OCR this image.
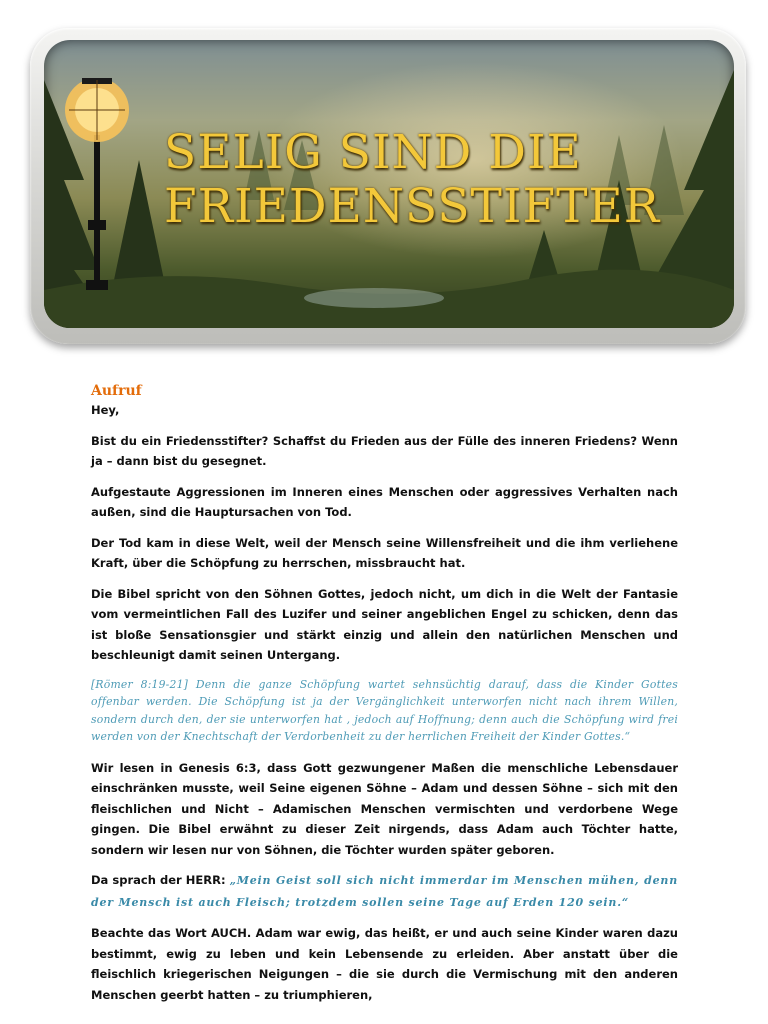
SELIG SIND DIE
FRIEDENSSTIFTER
Aufruf

Hey,

Bist du ein Friedensstifter? Schaffst du Frieden aus der Fülle des inneren Friedens? Wenn ja – dann bist du gesegnet.

Aufgestaute Aggressionen im Inneren eines Menschen oder aggressives Verhalten nach außen, sind die Hauptursachen von Tod.

Der Tod kam in diese Welt, weil der Mensch seine Willensfreiheit und die ihm verliehene Kraft, über die Schöpfung zu herrschen, missbraucht hat.

Die Bibel spricht von den Söhnen Gottes, jedoch nicht, um dich in die Welt der Fantasie vom vermeintlichen Fall des Luzifer und seiner angeblichen Engel zu schicken, denn das ist bloße Sensationsgier und stärkt einzig und allein den natürlichen Menschen und beschleunigt damit seinen Untergang.

[Römer 8:19-21] Denn die ganze Schöpfung wartet sehnsüchtig darauf, dass die Kinder Gottes offenbar werden. Die Schöpfung ist ja der Vergänglichkeit unterworfen nicht nach ihrem Willen, sondern durch den, der sie unterworfen hat , jedoch auf Hoffnung; denn auch die Schöpfung wird frei werden von der Knechtschaft der Verdorbenheit zu der herrlichen Freiheit der Kinder Gottes.“

Wir lesen in Genesis 6:3, dass Gott gezwungener Maßen die menschliche Lebensdauer einschränken musste, weil Seine eigenen Söhne – Adam und dessen Söhne – sich mit den fleischlichen und Nicht – Adamischen Menschen vermischten und verdorbene Wege gingen. Die Bibel erwähnt zu dieser Zeit nirgends, dass Adam auch Töchter hatte, sondern wir lesen nur von Söhnen, die Töchter wurden später geboren.

Da sprach der HERR: „Mein Geist soll sich nicht immerdar im Menschen mühen, denn der Mensch ist auch Fleisch; trotzdem sollen seine Tage auf Erden 120 sein.“

Beachte das Wort AUCH. Adam war ewig, das heißt, er und auch seine Kinder waren dazu bestimmt, ewig zu leben und kein Lebensende zu erleiden. Aber anstatt über die fleischlich kriegerischen Neigungen – die sie durch die Vermischung mit den anderen Menschen geerbt hatten – zu triumphieren,
